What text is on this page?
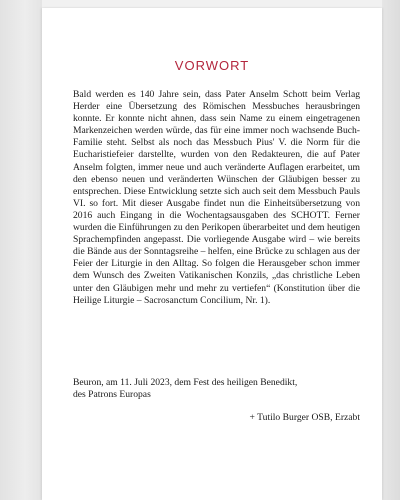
VORWORT

Bald werden es 140 Jahre sein, dass Pater Anselm Schott beim Verlag Herder eine Übersetzung des Römischen Messbuches herausbringen konnte. Er konnte nicht ahnen, dass sein Name zu einem eingetragenen Markenzeichen werden würde, das für eine immer noch wachsende Buch-Familie steht. Selbst als noch das Messbuch Pius' V. die Norm für die Eucharistiefeier darstellte, wurden von den Redakteuren, die auf Pater Anselm folgten, immer neue und auch veränderte Auflagen erarbeitet, um den ebenso neuen und veränderten Wünschen der Gläubigen besser zu entsprechen. Diese Entwicklung setzte sich auch seit dem Messbuch Pauls VI. so fort. Mit dieser Ausgabe findet nun die Einheitsübersetzung von 2016 auch Eingang in die Wochentagsausgaben des SCHOTT. Ferner wurden die Einführungen zu den Perikopen überarbeitet und dem heutigen Sprachempfinden angepasst. Die vorliegende Ausgabe wird – wie bereits die Bände aus der Sonntagsreihe – helfen, eine Brücke zu schlagen aus der Feier der Liturgie in den Alltag. So folgen die Herausgeber schon immer dem Wunsch des Zweiten Vatikanischen Konzils, „das christliche Leben unter den Gläubigen mehr und mehr zu vertiefen“ (Konstitution über die Heilige Liturgie – Sacrosanctum Concilium, Nr. 1).

Beuron, am 11. Juli 2023, dem Fest des heiligen Benedikt,
des Patrons Europas

+ Tutilo Burger OSB, Erzabt
